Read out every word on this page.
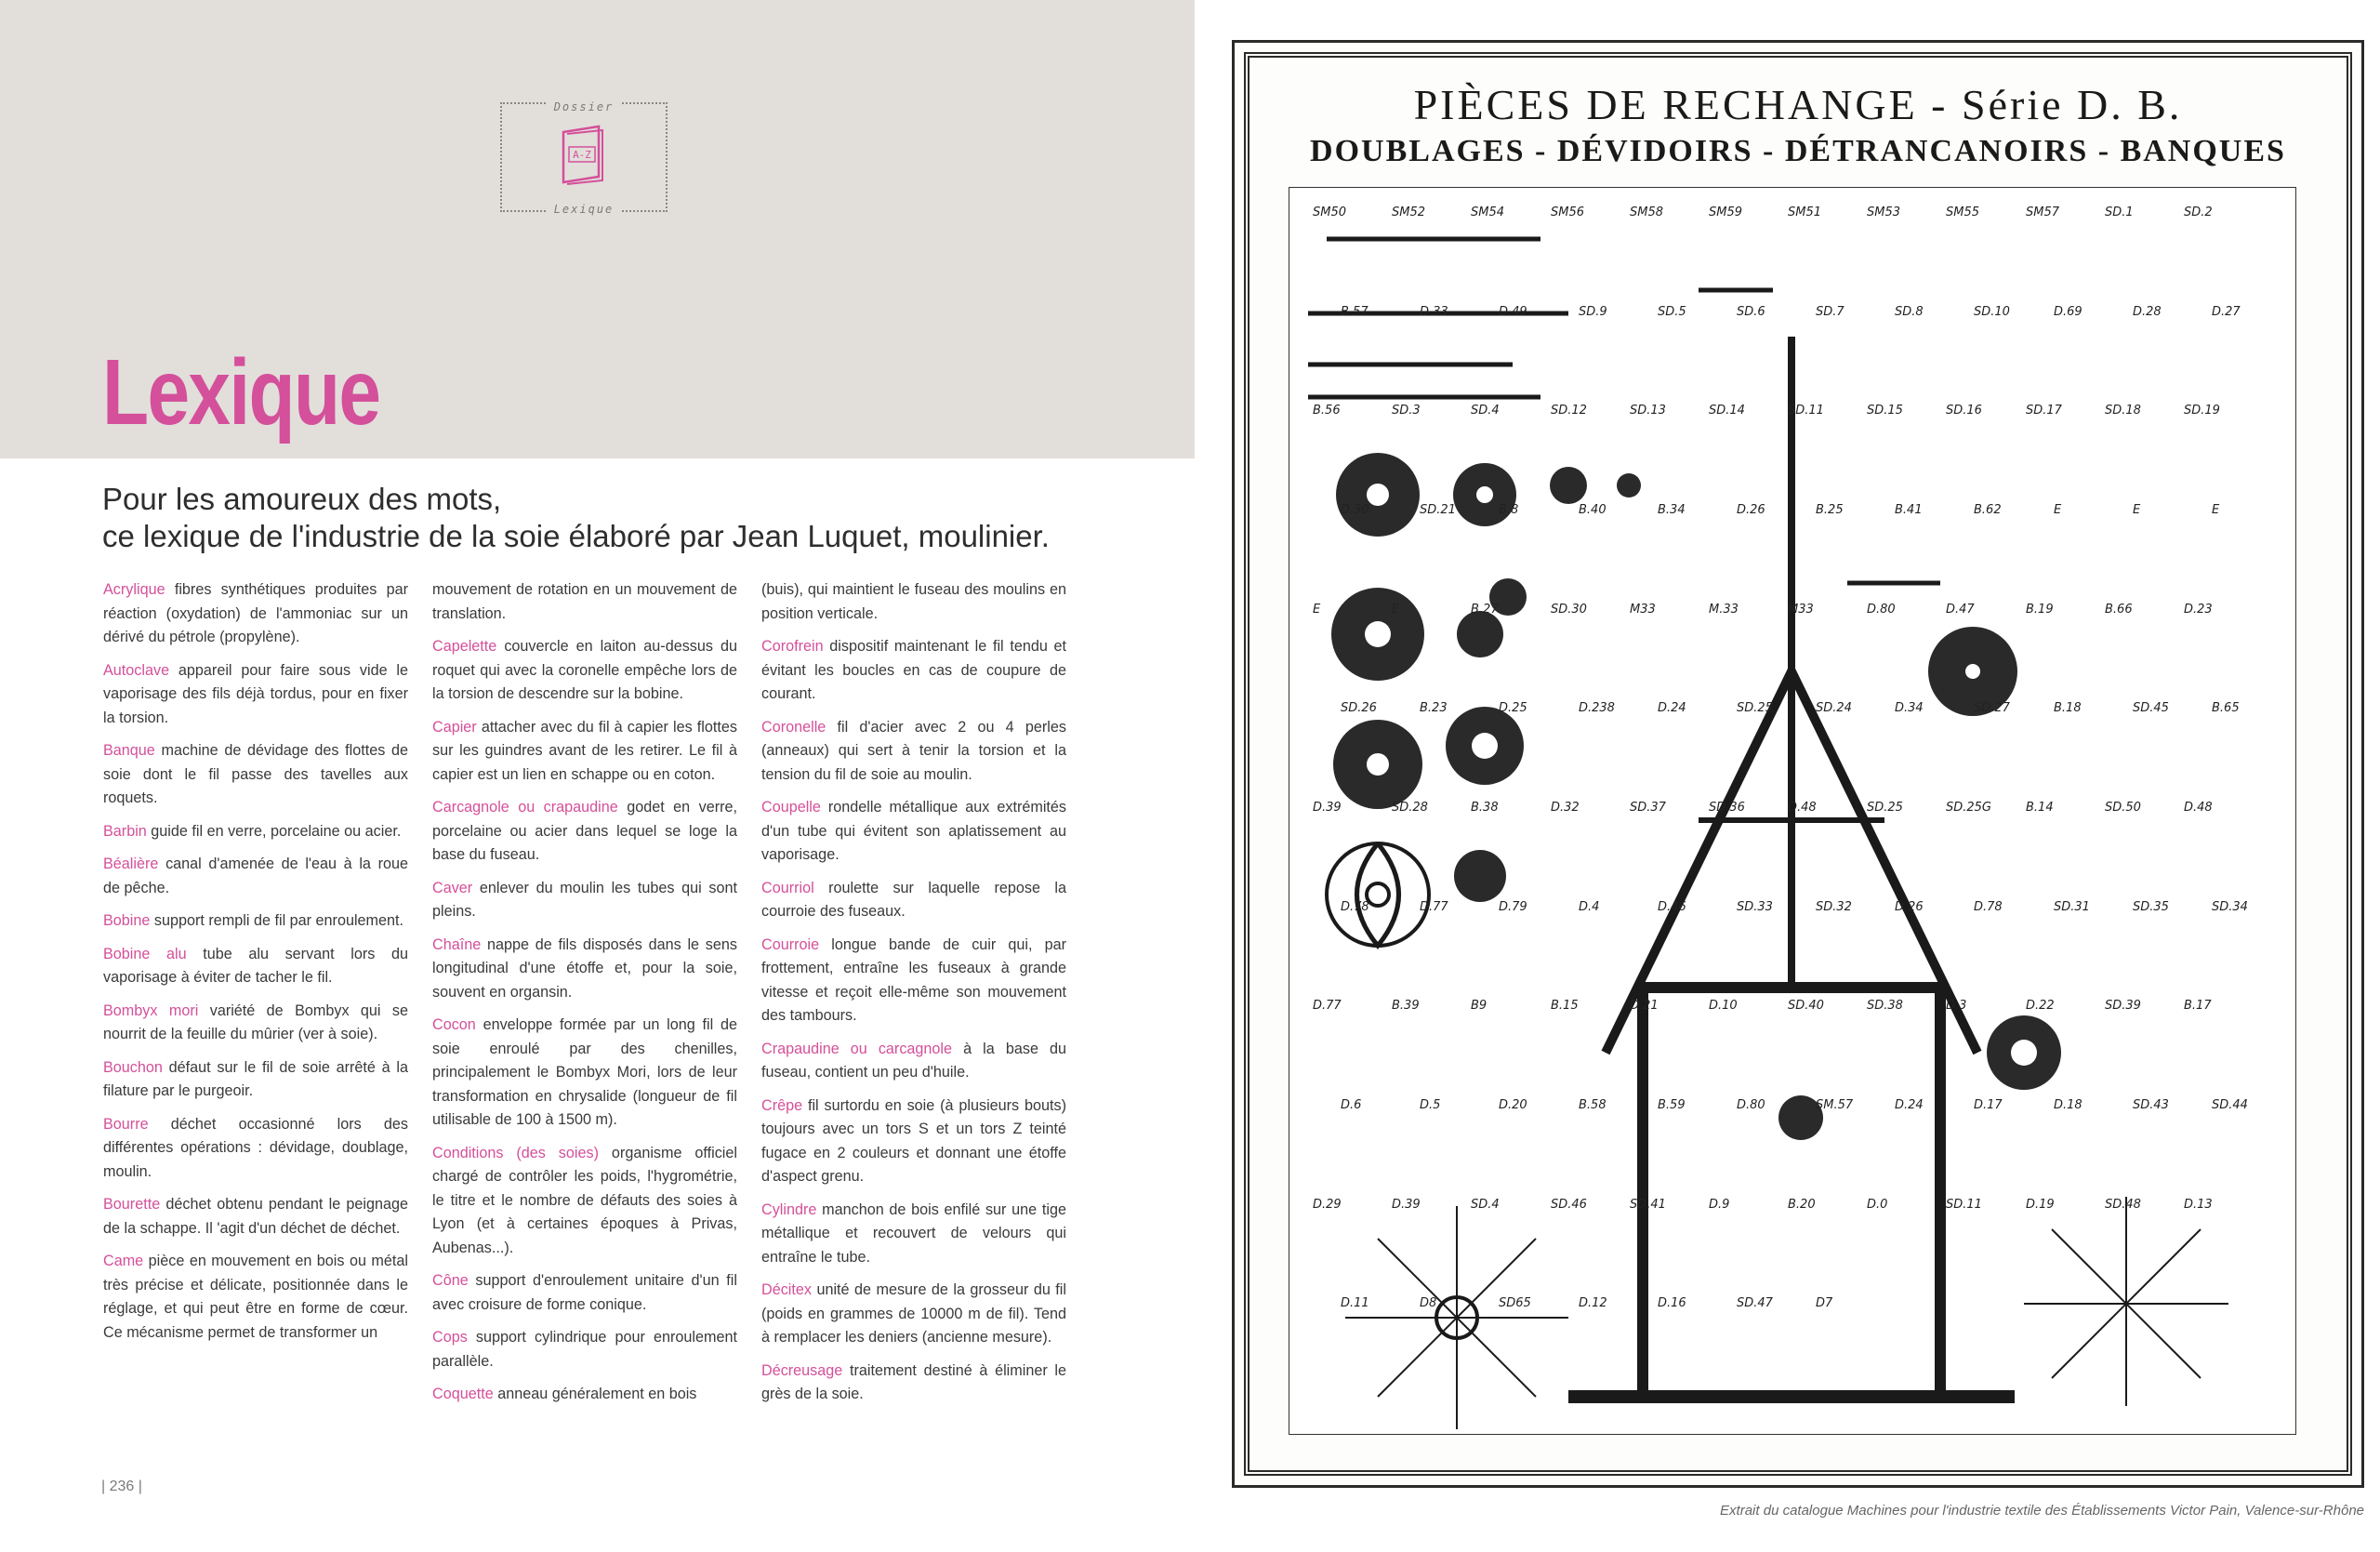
Dossier
A-Z
Lexique
Lexique
Pour les amoureux des mots,
ce lexique de l'industrie de la soie élaboré par Jean Luquet, moulinier.

Acrylique fibres synthétiques produites par réaction (oxydation) de l'ammoniac sur un dérivé du pétrole (propylène).

Autoclave appareil pour faire sous vide le vaporisage des fils déjà tordus, pour en fixer la torsion.

Banque machine de dévidage des flottes de soie dont le fil passe des tavelles aux roquets.

Barbin guide fil en verre, porcelaine ou acier.

Béalière canal d'amenée de l'eau à la roue de pêche.

Bobine support rempli de fil par enroulement.

Bobine alu tube alu servant lors du vaporisage à éviter de tacher le fil.

Bombyx mori variété de Bombyx qui se nourrit de la feuille du mûrier (ver à soie).

Bouchon défaut sur le fil de soie arrêté à la filature par le purgeoir.

Bourre déchet occasionné lors des différentes opérations : dévidage, doublage, moulin.

Bourette déchet obtenu pendant le peignage de la schappe. Il 'agit d'un déchet de déchet.

Came pièce en mouvement en bois ou métal très précise et délicate, positionnée dans le réglage, et qui peut être en forme de cœur. Ce mécanisme permet de transformer un

mouvement de rotation en un mouvement de translation.

Capelette couvercle en laiton au-dessus du roquet qui avec la coronelle empêche lors de la torsion de descendre sur la bobine.

Capier attacher avec du fil à capier les flottes sur les guindres avant de les retirer. Le fil à capier est un lien en schappe ou en coton.

Carcagnole ou crapaudine godet en verre, porcelaine ou acier dans lequel se loge la base du fuseau.

Caver enlever du moulin les tubes qui sont pleins.

Chaîne nappe de fils disposés dans le sens longitudinal d'une étoffe et, pour la soie, souvent en organsin.

Cocon enveloppe formée par un long fil de soie enroulé par des chenilles, principalement le Bombyx Mori, lors de leur transformation en chrysalide (longueur de fil utilisable de 100 à 1500 m).

Conditions (des soies) organisme officiel chargé de contrôler les poids, l'hygrométrie, le titre et le nombre de défauts des soies à Lyon (et à certaines époques à Privas, Aubenas...).

Cône support d'enroulement unitaire d'un fil avec croisure de forme conique.

Cops support cylindrique pour enroulement parallèle.

Coquette anneau généralement en bois

(buis), qui maintient le fuseau des moulins en position verticale.

Corofrein dispositif maintenant le fil tendu et évitant les boucles en cas de coupure de courant.

Coronelle fil d'acier avec 2 ou 4 perles (anneaux) qui sert à tenir la torsion et la tension du fil de soie au moulin.

Coupelle rondelle métallique aux extrémités d'un tube qui évitent son aplatissement au vaporisage.

Courriol roulette sur laquelle repose la courroie des fuseaux.

Courroie longue bande de cuir qui, par frottement, entraîne les fuseaux à grande vitesse et reçoit elle-même son mouvement des tambours.

Crapaudine ou carcagnole à la base du fuseau, contient un peu d'huile.

Crêpe fil surtordu en soie (à plusieurs bouts) toujours avec un tors S et un tors Z teinté fugace en 2 couleurs et donnant une étoffe d'aspect grenu.

Cylindre manchon de bois enfilé sur une tige métallique et recouvert de velours qui entraîne le tube.

Décitex unité de mesure de la grosseur du fil (poids en grammes de 10000 m de fil). Tend à remplacer les deniers (ancienne mesure).

Décreusage traitement destiné à éliminer le grès de la soie.

| 236 |
PIÈCES DE RECHANGE - Série D. B.
DOUBLAGES - DÉVIDOIRS - DÉTRANCANOIRS - BANQUES
SM50	SM52	SM54	SM56	SM58	SM59	SM51	SM53	SM55	SM57	SD.1	SD.2
B.57	D.33	D.49	SD.9	SD.5	SD.6	SD.7	SD.8	SD.10	D.69	D.28	D.27
B.56	SD.3	SD.4	SD.12	SD.13	SD.14	SD.11	SD.15	SD.16	SD.17	SD.18	SD.19
D.30	SD.21	B.8	B.40	B.34	D.26	B.25	B.41	B.62	E	E	E
E	E	B.27	SD.30	M33	M.33	M33	D.80	D.47	B.19	B.66	D.23
SD.26	B.23	D.25	D.238	D.24	SD.25	SD.24	D.34	SD.27	B.18	SD.45	B.65
D.39	SD.28	B.38	D.32	SD.37	SD.36	D.48	SD.25	SD.25G	B.14	SD.50	D.48
D.78	D.77	D.79	D.4	D.46	SD.33	SD.32	D.26	D.78	SD.31	SD.35	SD.34
D.77	B.39	B9	B.15	D.21	D.10	SD.40	SD.38	D.3	D.22	SD.39	B.17
D.6	D.5	D.20	B.58	B.59	D.80	SM.57	D.24	D.17	D.18	SD.43	SD.44
D.29	D.39	SD.4	SD.46	SD.41	D.9	B.20	D.0	SD.11	D.19	SD.48	D.13
D.11	D8	SD65	D.12	D.16	SD.47	D7
Extrait du catalogue Machines pour l'industrie textile des Établissements Victor Pain, Valence-sur-Rhône
